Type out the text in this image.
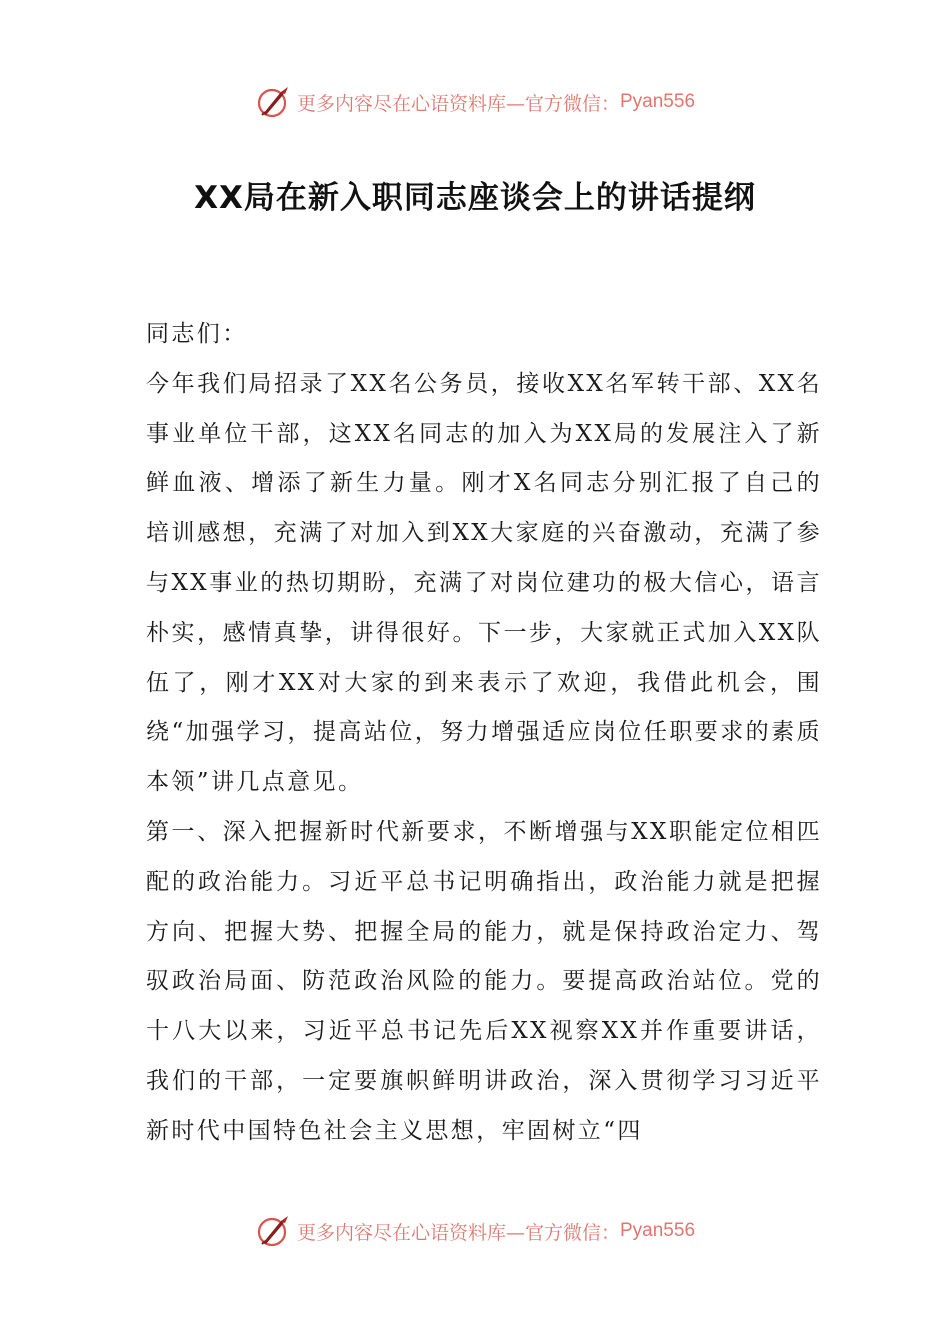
更多内容尽在心语资料库—官方微信： Pyan556
XX局在新入职同志座谈会上的讲话提纲

同志们：

今年我们局招录了XX名公务员，接收XX名军转干部、XX名事业单位干部，这XX名同志的加入为XX局的发展注入了新鲜血液、增添了新生力量。刚才X名同志分别汇报了自己的培训感想，充满了对加入到XX大家庭的兴奋激动，充满了参与XX事业的热切期盼，充满了对岗位建功的极大信心，语言朴实，感情真挚，讲得很好。下一步，大家就正式加入XX队伍了，刚才XX对大家的到来表示了欢迎，我借此机会，围绕“加强学习，提高站位，努力增强适应岗位任职要求的素质本领”讲几点意见。

第一、深入把握新时代新要求，不断增强与XX职能定位相匹配的政治能力。习近平总书记明确指出，政治能力就是把握方向、把握大势、把握全局的能力，就是保持政治定力、驾驭政治局面、防范政治风险的能力。要提高政治站位。党的十八大以来，习近平总书记先后XX视察XX并作重要讲话，我们的干部，一定要旗帜鲜明讲政治，深入贯彻学习习近平新时代中国特色社会主义思想，牢固树立“四

更多内容尽在心语资料库—官方微信： Pyan556
